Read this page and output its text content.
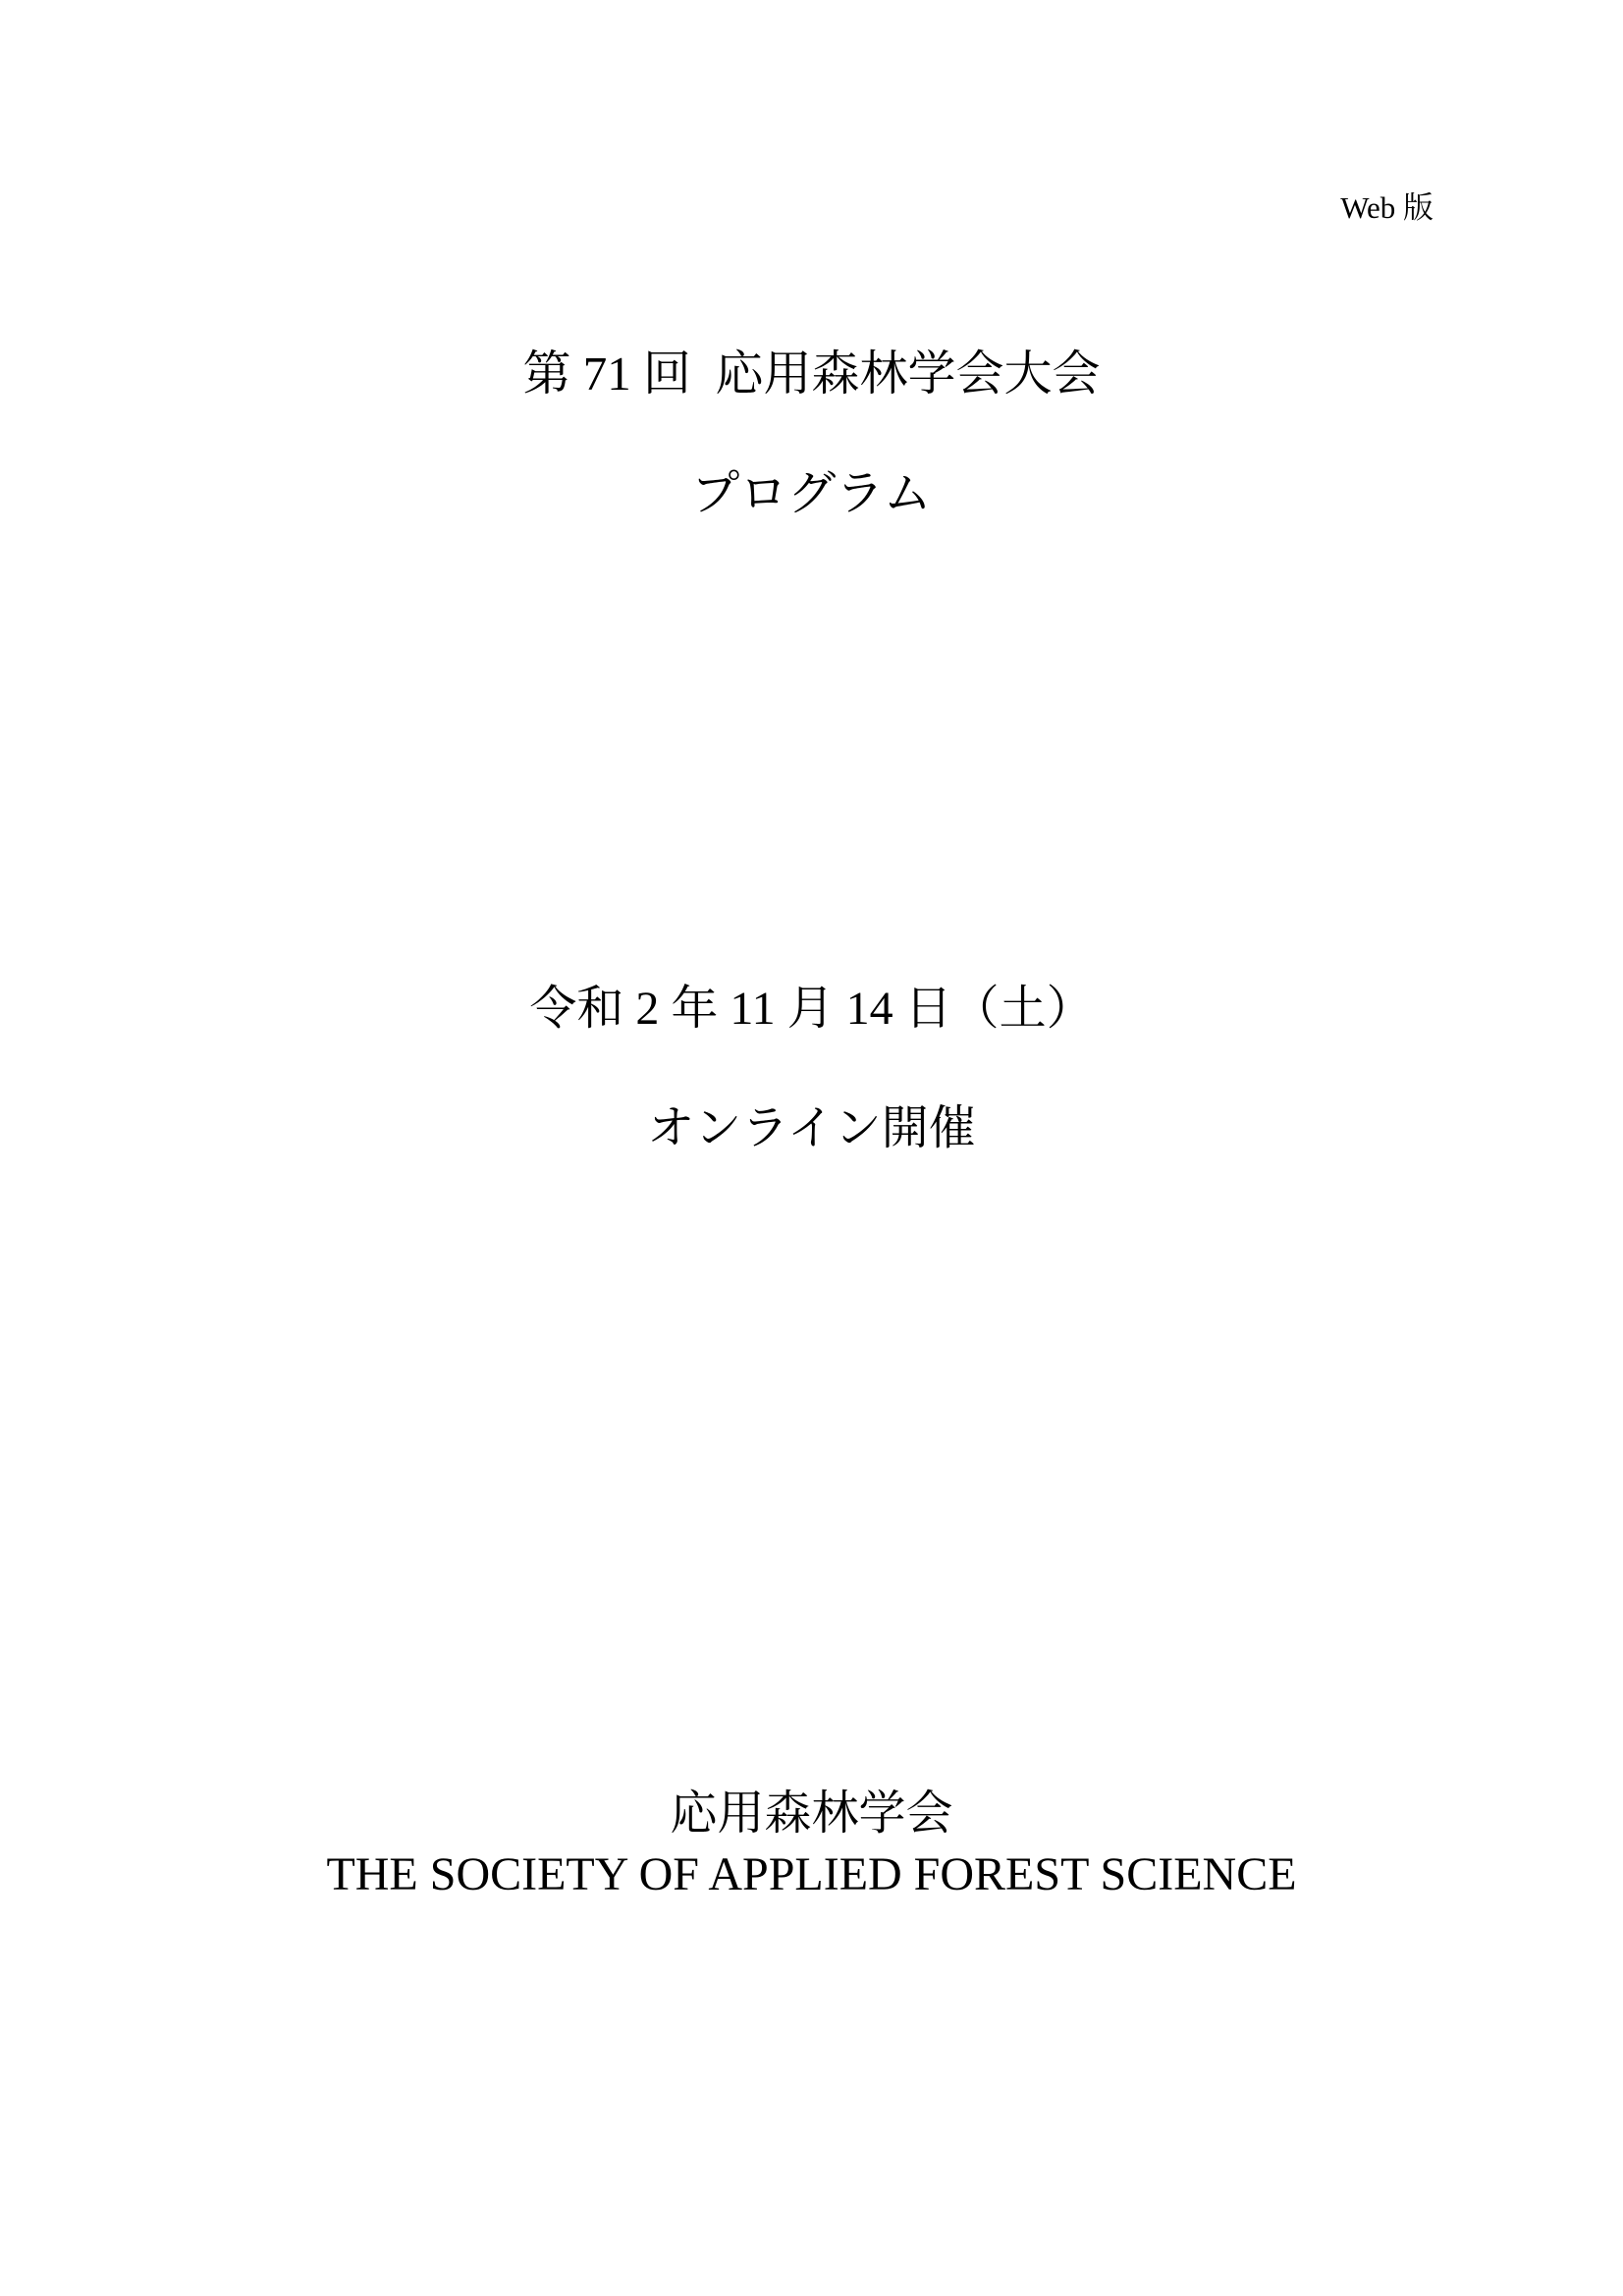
Web 版
第 71 回  応用森林学会大会
プログラム
令和 2 年 11 月 14 日（土）
オンライン開催
応用森林学会
THE SOCIETY OF APPLIED FOREST SCIENCE
